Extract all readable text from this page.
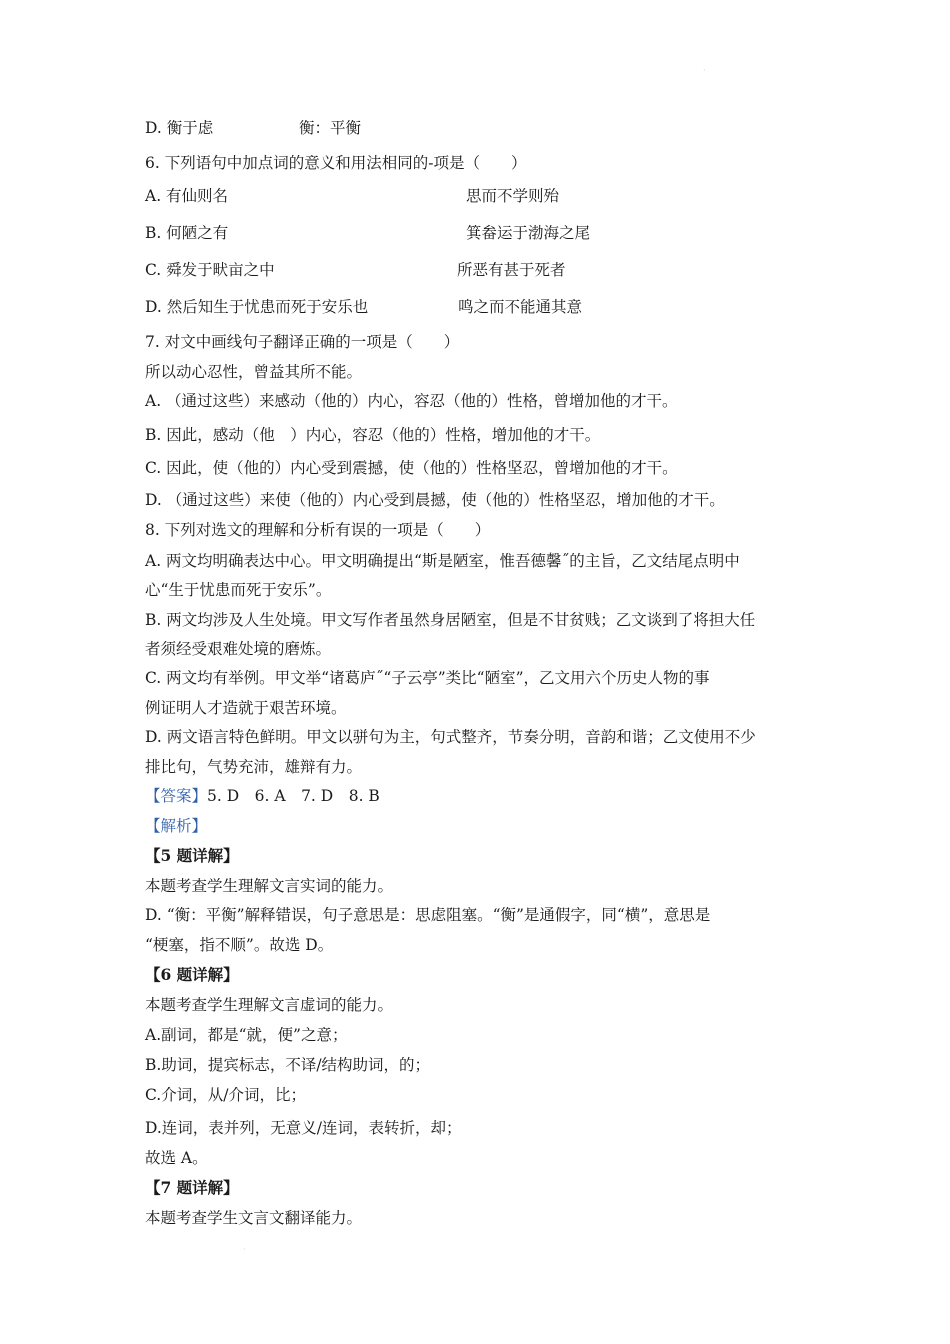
·
D. 衡于虑	衡：平衡
6. 下列语句中加点词的意义和用法相同的-项是（　　）
A. 有仙则名	思而不学则殆
B. 何陋之有	箕畚运于渤海之尾
C. 舜发于畎亩之中	所恶有甚于死者
D. 然后知生于忧患而死于安乐也	鸣之而不能通其意
7. 对文中画线句子翻译正确的一项是（　　）
所以动心忍性，曾益其所不能。
A. （通过这些）来感动（他的）内心，容忍（他的）性格，曾增加他的才干。
B. 因此，感动（他　）内心，容忍（他的）性格，增加他的才干。
C. 因此，使（他的）内心受到震撼，使（他的）性格坚忍，曾增加他的才干。
D. （通过这些）来使（他的）内心受到晨撼，使（他的）性格坚忍，增加他的才干。
8. 下列对选文的理解和分析有误的一项是（　　）
A. 两文均明确表达中心。甲文明确提出“斯是陋室，惟吾德馨˝的主旨，乙文结尾点明中
心“生于忧患而死于安乐”。
B. 两文均涉及人生处境。甲文写作者虽然身居陋室，但是不甘贫贱；乙文谈到了将担大任
者须经受艰难处境的磨炼。
C. 两文均有举例。甲文举“诸葛庐˝“子云亭”类比“陋室”，乙文用六个历史人物的事
例证明人才造就于艰苦环境。
D. 两文语言特色鲜明。甲文以骈句为主，句式整齐，节奏分明，音韵和谐；乙文使用不少
排比句，气势充沛，雄辩有力。
【答案】5. D　6. A　7. D　8. B
【解析】
【5 题详解】
本题考查学生理解文言实词的能力。
D. “衡：平衡”解释错误，句子意思是：思虑阻塞。“衡”是通假字，同“横”，意思是
“梗塞，指不顺”。故选 D。
【6 题详解】
本题考查学生理解文言虚词的能力。
A.副词，都是“就，便”之意；
B.助词，提宾标志，不译/结构助词，的；
C.介词，从/介词，比；
D.连词，表并列，无意义/连词，表转折，却；
故选 A。
【7 题详解】
本题考查学生文言文翻译能力。
·
